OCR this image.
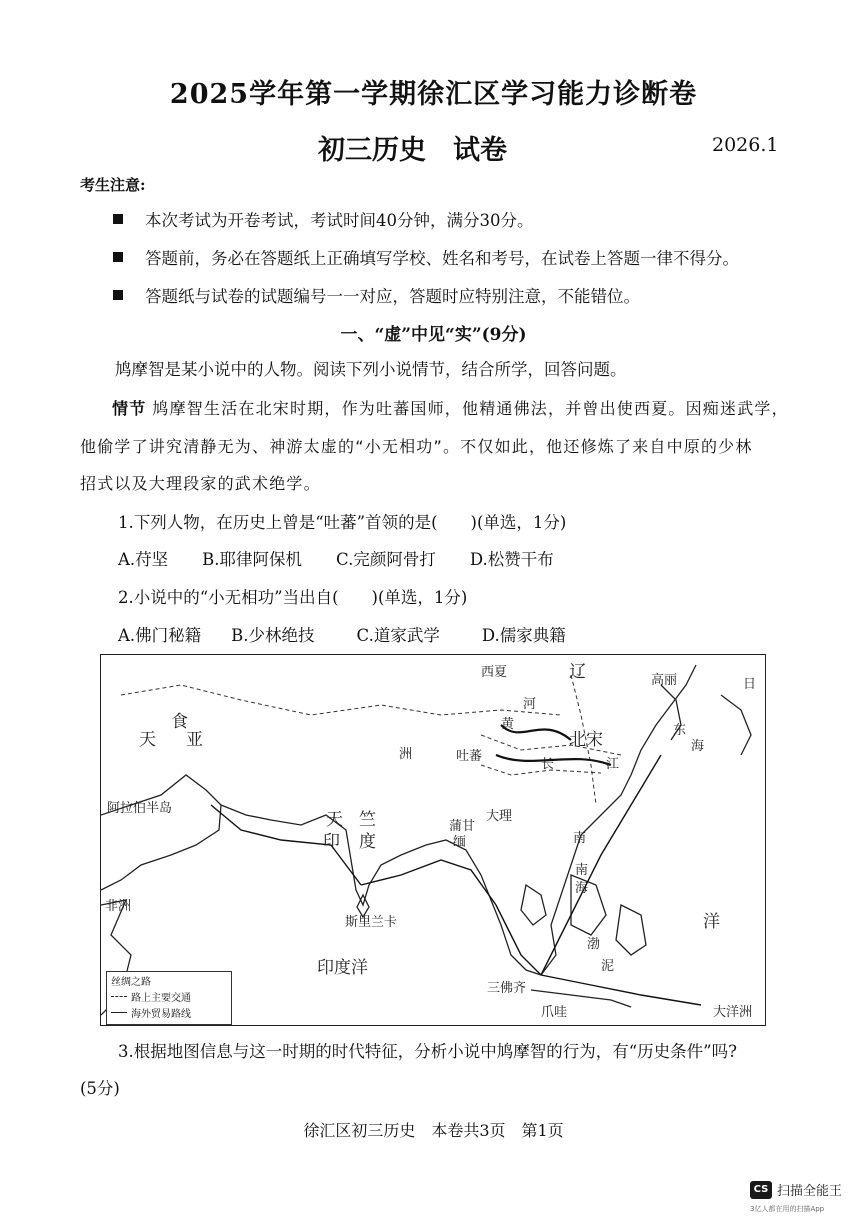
2025学年第一学期徐汇区学习能力诊断卷
初三历史　试卷	2026.1
考生注意:
本次考试为开卷考试，考试时间40分钟，满分30分。
答题前，务必在答题纸上正确填写学校、姓名和考号，在试卷上答题一律不得分。
答题纸与试卷的试题编号一一对应，答题时应特别注意，不能错位。
一、“虚”中见“实”(9分)
鸠摩智是某小说中的人物。阅读下列小说情节，结合所学，回答问题。
情节 鸠摩智生活在北宋时期，作为吐蕃国师，他精通佛法，并曾出使西夏。因痴迷武学，
他偷学了讲究清静无为、神游太虚的“小无相功”。不仅如此，他还修炼了来自中原的少林
招式以及大理段家的武术绝学。
1.下列人物，在历史上曾是“吐蕃”首领的是(　　)(单选，1分)
A.苻坚 B.耶律阿保机 C.完颜阿骨打 D.松赞干布
2.小说中的“小无相功”当出自(　　)(单选，1分)
A.佛门秘籍 B.少林绝技	C.道家武学	D.儒家典籍
西夏	辽	高丽	日
天
食
亚
洲	吐蕃
黄
河
北宋
长	江
东
海
大理
天 竺
印 度
蒲甘
缅
阿拉伯半岛
非洲
斯里兰卡
南
印度洋
洋
三佛齐
大洋洲
南
海
渤
泥
爪哇
丝绸之路
路上主要交通
海外贸易路线
3.根据地图信息与这一时期的时代特征，分析小说中鸠摩智的行为，有“历史条件”吗?
(5分)
徐汇区初三历史　本卷共3页　第1页
CS 扫描全能王
3亿人都在用的扫描App
